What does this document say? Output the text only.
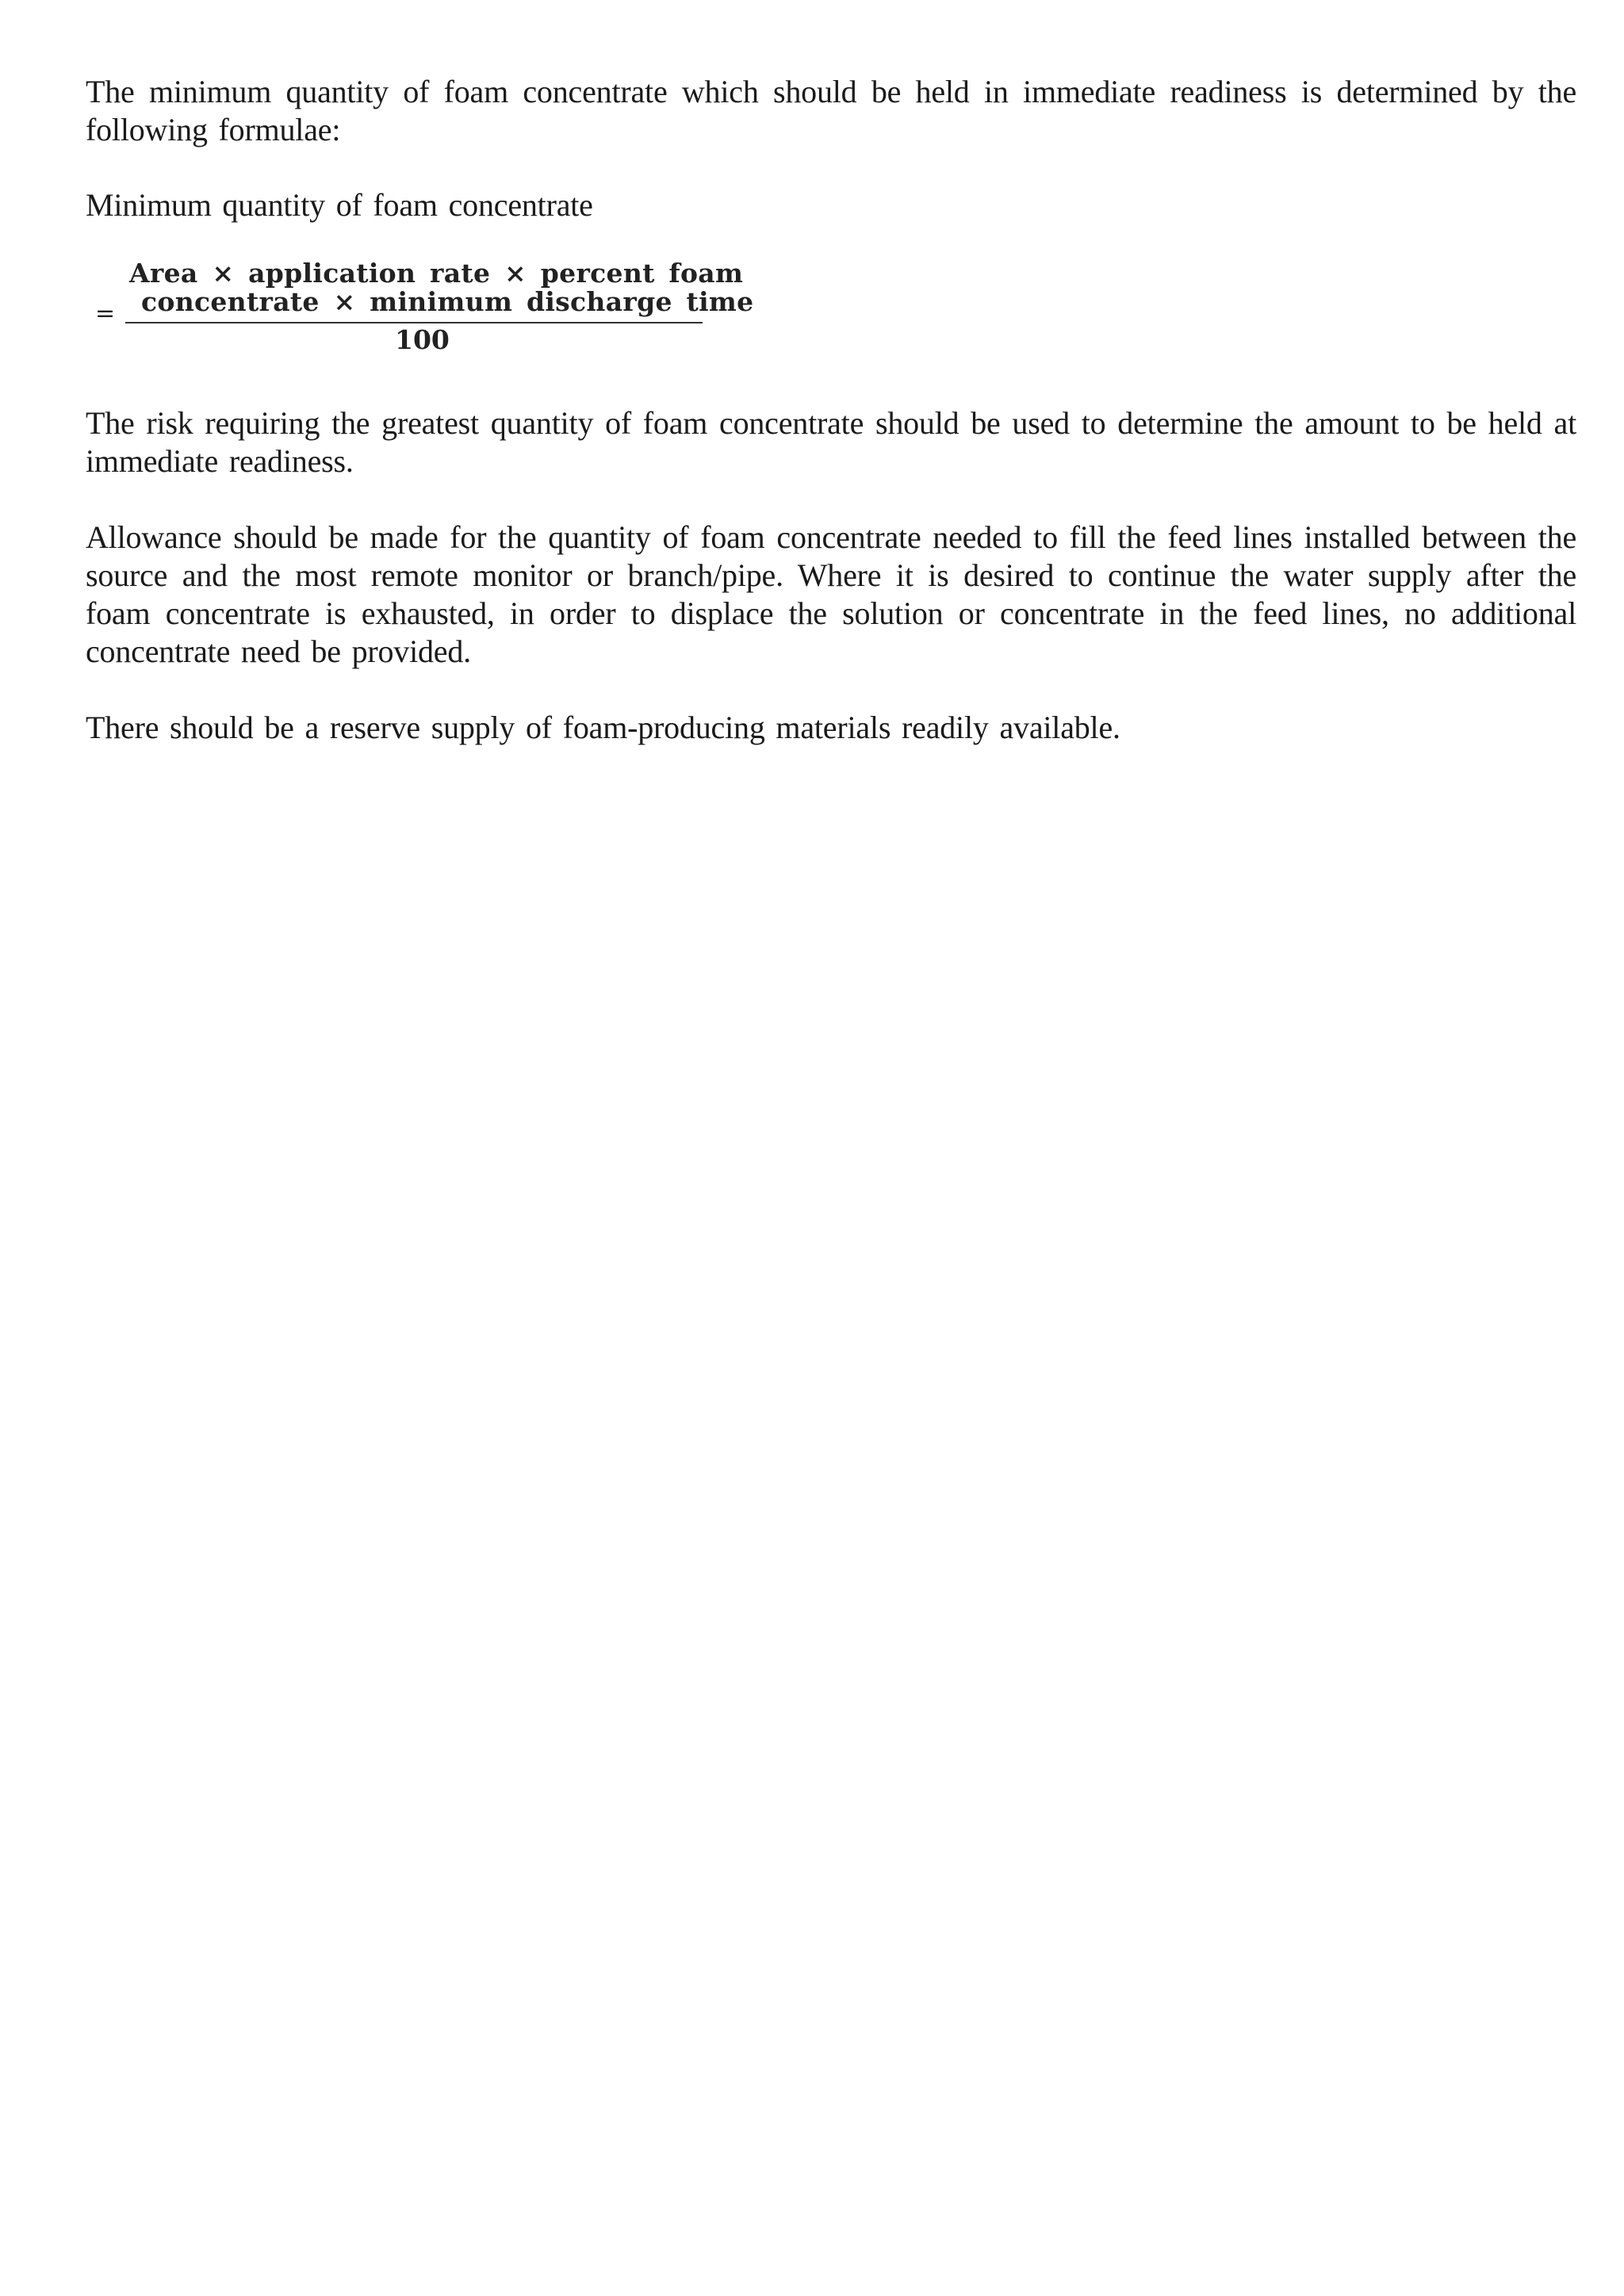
The minimum quantity of foam concentrate which should be held in immediate readiness is determined by the following formulae:

Minimum quantity of foam concentrate

=
Area × application rate × percent foam
concentrate × minimum discharge time
100

The risk requiring the greatest quantity of foam concentrate should be used to determine the amount to be held at immediate readiness.

Allowance should be made for the quantity of foam concentrate needed to fill the feed lines installed between the source and the most remote monitor or branch/pipe. Where it is desired to continue the water supply after the foam concentrate is exhausted, in order to displace the solution or concentrate in the feed lines, no additional concentrate need be provided.

There should be a reserve supply of foam-producing materials readily available.
